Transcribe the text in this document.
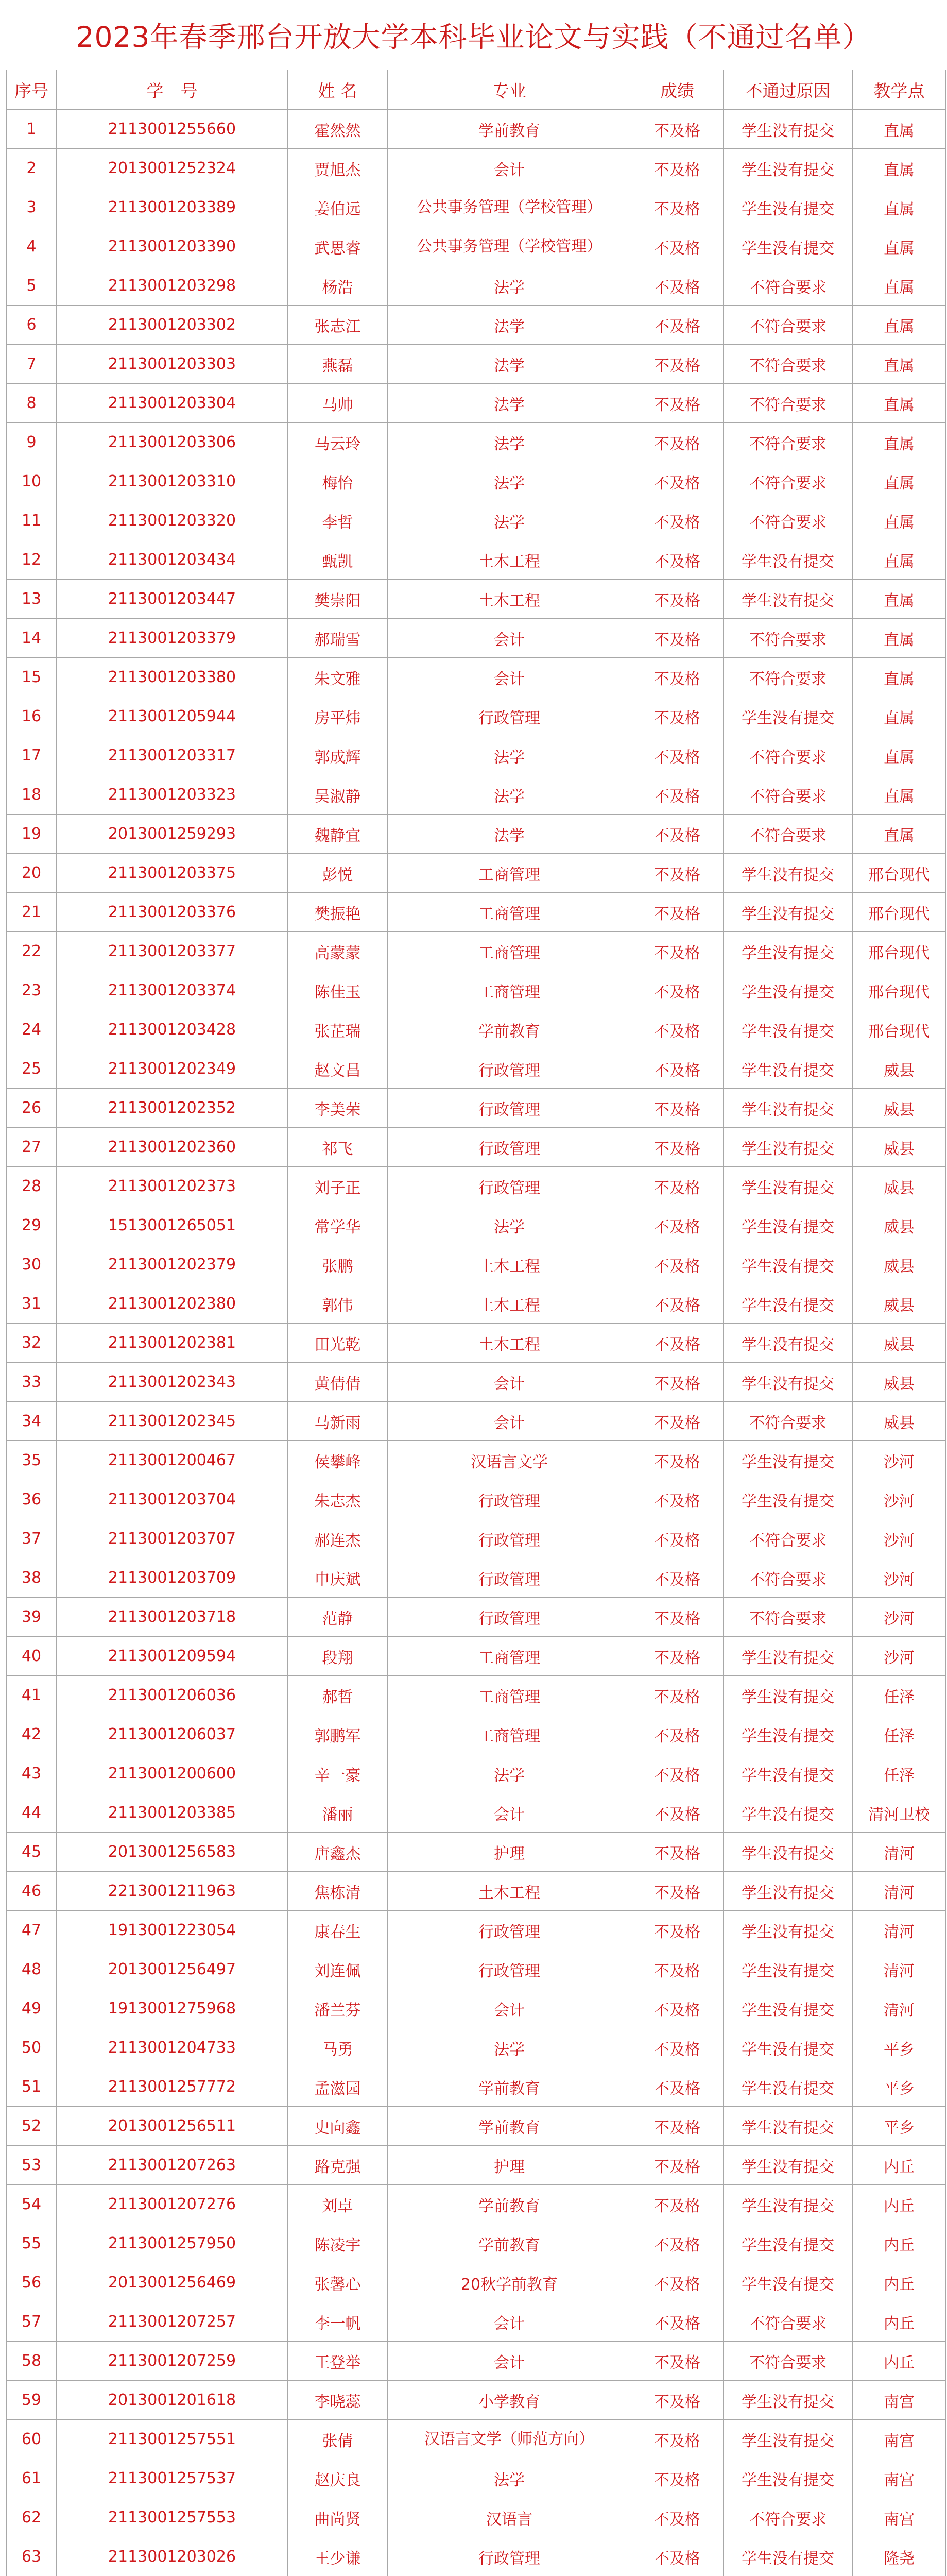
2023年春季邢台开放大学本科毕业论文与实践（不通过名单）
序号	学　号	姓 名	专业	成绩	不通过原因	教学点
1	2113001255660	霍然然	学前教育	不及格	学生没有提交	直属
2	2013001252324	贾旭杰	会计	不及格	学生没有提交	直属
3	2113001203389	姜伯远	公共事务管理（学校管理）	不及格	学生没有提交	直属
4	2113001203390	武思睿	公共事务管理（学校管理）	不及格	学生没有提交	直属
5	2113001203298	杨浩	法学	不及格	不符合要求	直属
6	2113001203302	张志江	法学	不及格	不符合要求	直属
7	2113001203303	燕磊	法学	不及格	不符合要求	直属
8	2113001203304	马帅	法学	不及格	不符合要求	直属
9	2113001203306	马云玲	法学	不及格	不符合要求	直属
10	2113001203310	梅怡	法学	不及格	不符合要求	直属
11	2113001203320	李哲	法学	不及格	不符合要求	直属
12	2113001203434	甄凯	土木工程	不及格	学生没有提交	直属
13	2113001203447	樊崇阳	土木工程	不及格	学生没有提交	直属
14	2113001203379	郝瑞雪	会计	不及格	不符合要求	直属
15	2113001203380	朱文雅	会计	不及格	不符合要求	直属
16	2113001205944	房平炜	行政管理	不及格	学生没有提交	直属
17	2113001203317	郭成辉	法学	不及格	不符合要求	直属
18	2113001203323	吴淑静	法学	不及格	不符合要求	直属
19	2013001259293	魏静宜	法学	不及格	不符合要求	直属
20	2113001203375	彭悦	工商管理	不及格	学生没有提交	邢台现代
21	2113001203376	樊振艳	工商管理	不及格	学生没有提交	邢台现代
22	2113001203377	高蒙蒙	工商管理	不及格	学生没有提交	邢台现代
23	2113001203374	陈佳玉	工商管理	不及格	学生没有提交	邢台现代
24	2113001203428	张芷瑞	学前教育	不及格	学生没有提交	邢台现代
25	2113001202349	赵文昌	行政管理	不及格	学生没有提交	威县
26	2113001202352	李美荣	行政管理	不及格	学生没有提交	威县
27	2113001202360	祁飞	行政管理	不及格	学生没有提交	威县
28	2113001202373	刘子正	行政管理	不及格	学生没有提交	威县
29	1513001265051	常学华	法学	不及格	学生没有提交	威县
30	2113001202379	张鹏	土木工程	不及格	学生没有提交	威县
31	2113001202380	郭伟	土木工程	不及格	学生没有提交	威县
32	2113001202381	田光乾	土木工程	不及格	学生没有提交	威县
33	2113001202343	黄倩倩	会计	不及格	学生没有提交	威县
34	2113001202345	马新雨	会计	不及格	不符合要求	威县
35	2113001200467	侯攀峰	汉语言文学	不及格	学生没有提交	沙河
36	2113001203704	朱志杰	行政管理	不及格	学生没有提交	沙河
37	2113001203707	郝连杰	行政管理	不及格	不符合要求	沙河
38	2113001203709	申庆斌	行政管理	不及格	不符合要求	沙河
39	2113001203718	范静	行政管理	不及格	不符合要求	沙河
40	2113001209594	段翔	工商管理	不及格	学生没有提交	沙河
41	2113001206036	郝哲	工商管理	不及格	学生没有提交	任泽
42	2113001206037	郭鹏军	工商管理	不及格	学生没有提交	任泽
43	2113001200600	辛一豪	法学	不及格	学生没有提交	任泽
44	2113001203385	潘丽	会计	不及格	学生没有提交	清河卫校
45	2013001256583	唐鑫杰	护理	不及格	学生没有提交	清河
46	2213001211963	焦栋清	土木工程	不及格	学生没有提交	清河
47	1913001223054	康春生	行政管理	不及格	学生没有提交	清河
48	2013001256497	刘连佩	行政管理	不及格	学生没有提交	清河
49	1913001275968	潘兰芬	会计	不及格	学生没有提交	清河
50	2113001204733	马勇	法学	不及格	学生没有提交	平乡
51	2113001257772	孟滋园	学前教育	不及格	学生没有提交	平乡
52	2013001256511	史向鑫	学前教育	不及格	学生没有提交	平乡
53	2113001207263	路克强	护理	不及格	学生没有提交	内丘
54	2113001207276	刘卓	学前教育	不及格	学生没有提交	内丘
55	2113001257950	陈凌宇	学前教育	不及格	学生没有提交	内丘
56	2013001256469	张馨心	20秋学前教育	不及格	学生没有提交	内丘
57	2113001207257	李一帆	会计	不及格	不符合要求	内丘
58	2113001207259	王登举	会计	不及格	不符合要求	内丘
59	2013001201618	李晓蕊	小学教育	不及格	学生没有提交	南宫
60	2113001257551	张倩	汉语言文学（师范方向）	不及格	学生没有提交	南宫
61	2113001257537	赵庆良	法学	不及格	学生没有提交	南宫
62	2113001257553	曲尚贤	汉语言	不及格	不符合要求	南宫
63	2113001203026	王少谦	行政管理	不及格	学生没有提交	隆尧
